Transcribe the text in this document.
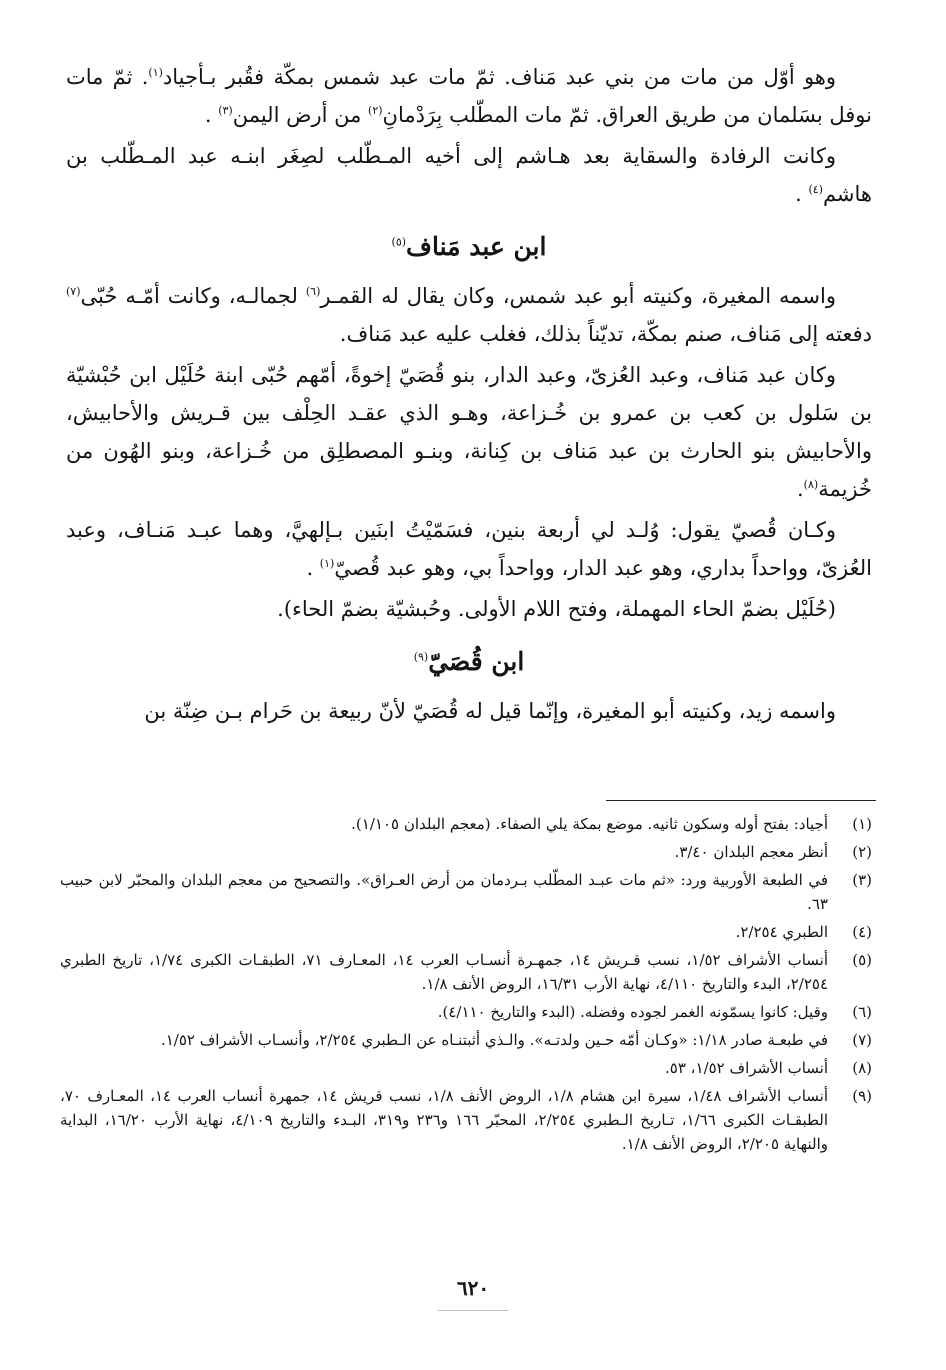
وهو أوّل من مات من بني عبد مَناف. ثمّ مات عبد شمس بمكّة فقُبر بـأجياد$^{(١)}$. ثمّ مات نوفل بسَلمان من طريق العراق. ثمّ مات المطّلب بِرَدْمانِ$^{(٢)}$ من أرض اليمن$^{(٣)}$ .

وكانت الرفادة والسقاية بعد هـاشم إلى أخيه المـطّلب لصِغَر ابنـه عبد المـطّلب بن هاشم$^{(٤)}$ .

ابن عبد مَناف$^{(٥)}$

واسمه المغيرة، وكنيته أبو عبد شمس، وكان يقال له القمـر$^{(٦)}$ لجمالـه، وكانت أمّـه حُبّى$^{(٧)}$ دفعته إلى مَناف، صنم بمكّة، تديّناً بذلك، فغلب عليه عبد مَناف.

وكان عبد مَناف، وعبد العُزىّ، وعبد الدار، بنو قُصَيّ إخوةً، أمّهم حُبّى ابنة حُلَيْل ابن حُبْشيّة بن سَلول بن كعب بن عمرو بن خُـزاعة، وهـو الذي عقـد الحِلْف بين قـريش والأحابيش، والأحابيش بنو الحارث بن عبد مَناف بن كِنانة، وبنـو المصطلِق من خُـزاعة، وبنو الهُون من خُزيمة$^{(٨)}$.

وكـان قُصيّ يقول: وُلـد لي أربعة بنين، فسَمّيْتُ ابنَين بـإلهيَّ، وهما عبـد مَنـاف، وعبد العُزىّ، وواحداً بداري، وهو عبد الدار، وواحداً بي، وهو عبد قُصيّ$^{(١)}$ .

(حُلَيْل بضمّ الحاء المهملة، وفتح اللام الأولى. وحُبشيّة بضمّ الحاء).

ابن قُصَيّ$^{(٩)}$

واسمه زيد، وكنيته أبو المغيرة، وإنّما قيل له قُصَيّ لأنّ ربيعة بن حَرام بـن ضِنّة بن

(١)
أجياد: بفتح أوله وسكون ثانيه. موضع بمكة يلي الصفاء. (معجم البلدان ١/١٠٥).
(٢)
أنظر معجم البلدان ٣/٤٠.
(٣)
في الطبعة الأوربية ورد: «ثم مات عبـد المطّلب بـردمان من أرض العـراق». والتصحيح من معجم البلدان والمحبّر لابن حبيب ٦٣.
(٤)
الطبري ٢/٢٥٤.
(٥)
أنساب الأشراف ١/٥٢، نسب قـريش ١٤، جمهـرة أنسـاب العرب ١٤، المعـارف ٧١، الطبقـات الكبرى ١/٧٤، تاريخ الطبري ٢/٢٥٤، البدء والتاريخ ٤/١١٠، نهاية الأرب ١٦/٣١، الروض الأنف ١/٨.
(٦)
وقيل: كانوا يسمّونه الغمر لجوده وفضله. (البدء والتاريخ ٤/١١٠).
(٧)
في طبعـة صادر ١/١٨: «وكـان أمّه حـين ولدتـه». والـذي أثبتنـاه عن الـطبري ٢/٢٥٤، وأنسـاب الأشراف ١/٥٢.
(٨)
أنساب الأشراف ١/٥٢، ٥٣.
(٩)
أنساب الأشراف ١/٤٨، سيرة ابن هشام ١/٨، الروض الأنف ١/٨، نسب قريش ١٤، جمهرة أنساب العرب ١٤، المعـارف ٧٠، الطبقـات الكبرى ١/٦٦، تـاريخ الـطبري ٢/٢٥٤، المحبّر ١٦٦ و٢٣٦ و٣١٩، البـدء والتاريخ ٤/١٠٩، نهاية الأرب ١٦/٢٠، البداية والنهاية ٢/٢٠٥، الروض الأنف ١/٨.
٦٢٠
